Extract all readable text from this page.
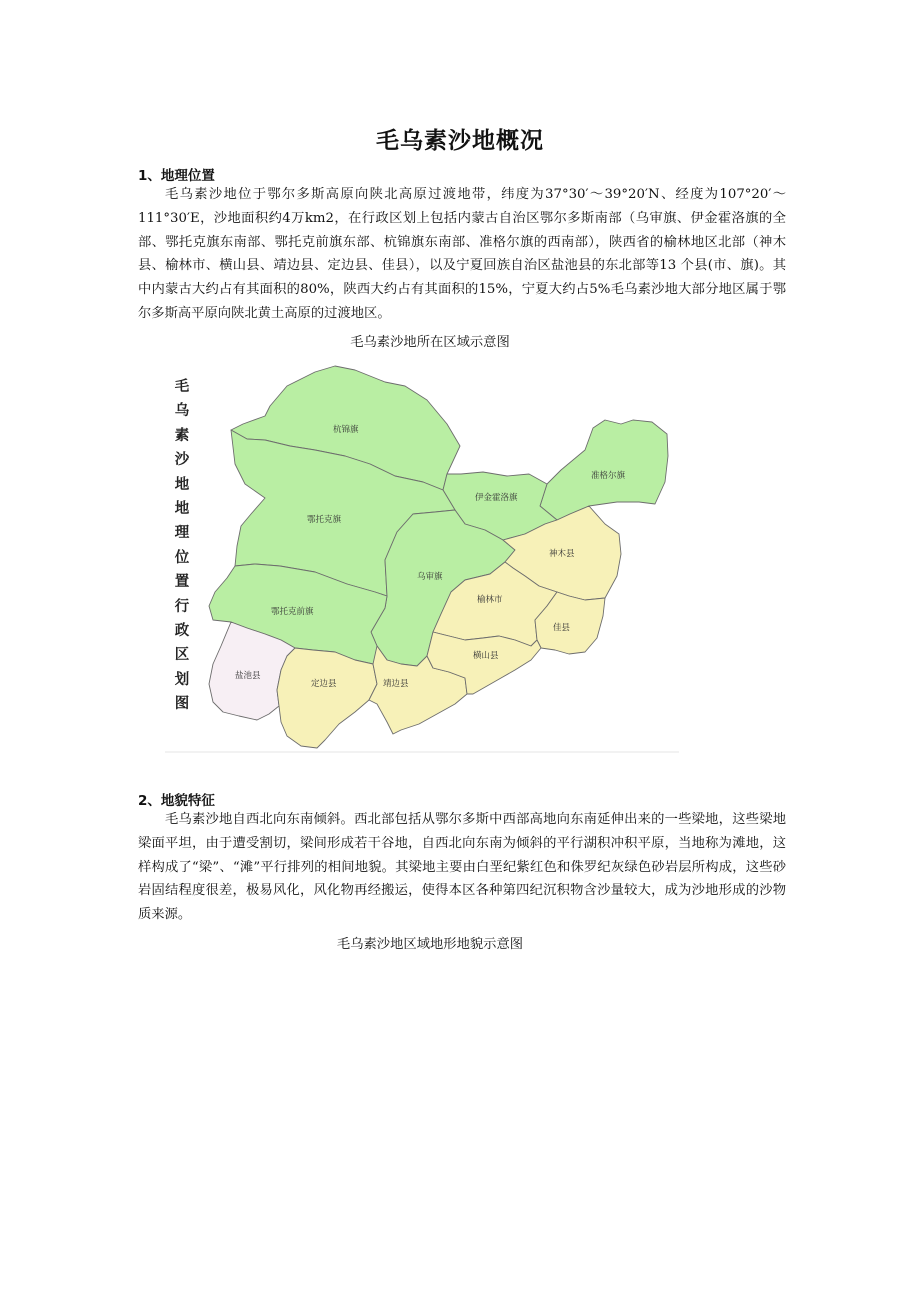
毛乌素沙地概况

1、地理位置

毛乌素沙地位于鄂尔多斯高原向陕北高原过渡地带，纬度为37°30′～39°20′N、经度为107°20′～111°30′E，沙地面积约4万km2，在行政区划上包括内蒙古自治区鄂尔多斯南部（乌审旗、伊金霍洛旗的全部、鄂托克旗东南部、鄂托克前旗东部、杭锦旗东南部、准格尔旗的西南部），陕西省的榆林地区北部（神木县、榆林市、横山县、靖边县、定边县、佳县），以及宁夏回族自治区盐池县的东北部等13 个县(市、旗)。其中内蒙古大约占有其面积的80%，陕西大约占有其面积的15%，宁夏大约占5%毛乌素沙地大部分地区属于鄂尔多斯高平原向陕北黄土高原的过渡地区。

毛乌素沙地所在区域示意图

毛
乌
素
沙
地
地
理
位
置
行
政
区
划
图
杭锦旗
准格尔旗
伊金霍洛旗
鄂托克旗
乌审旗
神木县
鄂托克前旗
榆林市
佳县
横山县
盐池县
定边县	靖边县

2、地貌特征

毛乌素沙地自西北向东南倾斜。西北部包括从鄂尔多斯中西部高地向东南延伸出来的一些梁地，这些梁地梁面平坦，由于遭受割切，梁间形成若干谷地，自西北向东南为倾斜的平行湖积冲积平原，当地称为滩地，这样构成了“梁”、“滩”平行排列的相间地貌。其梁地主要由白垩纪紫红色和侏罗纪灰绿色砂岩层所构成，这些砂岩固结程度很差，极易风化，风化物再经搬运，使得本区各种第四纪沉积物含沙量较大，成为沙地形成的沙物质来源。

毛乌素沙地区域地形地貌示意图
